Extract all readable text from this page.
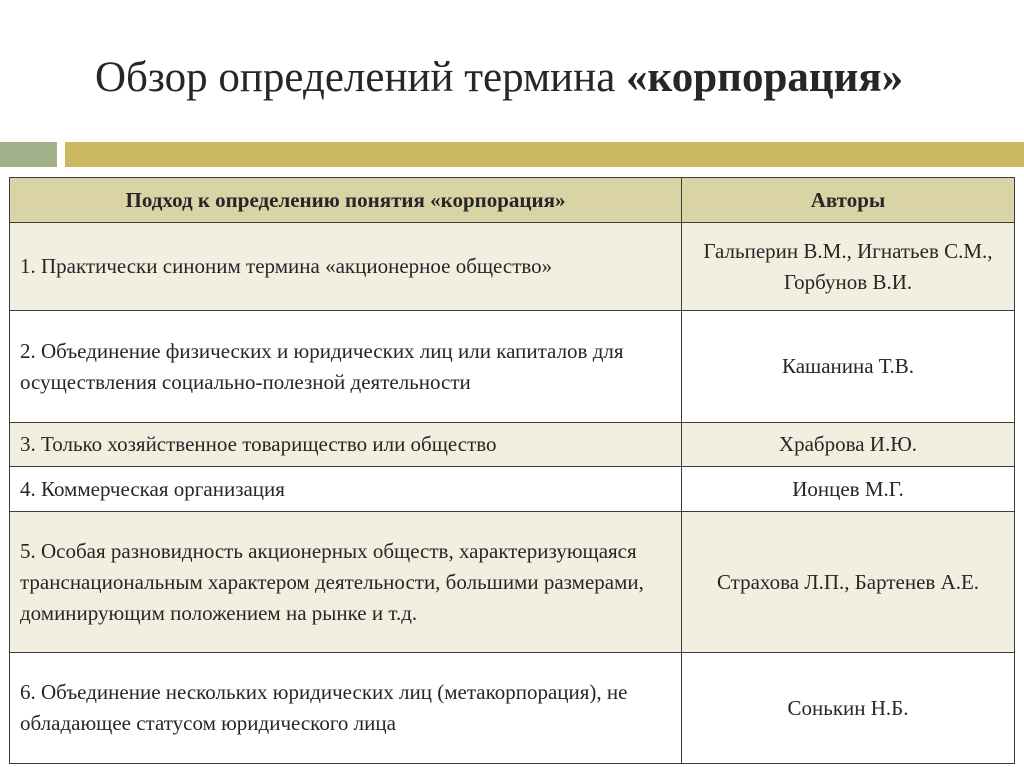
Обзор определений термина «корпорация»
Подход к определению понятия «корпорация»	Авторы
1. Практически синоним термина «акционерное общество»	Гальперин В.М., Игнатьев С.М., Горбунов В.И.
2. Объединение физических и юридических лиц или капиталов для осуществления социально-полезной деятельности	Кашанина Т.В.
3. Только хозяйственное товарищество или общество	Храброва И.Ю.
4. Коммерческая организация	Ионцев М.Г.
5. Особая разновидность акционерных обществ, характеризующаяся транснациональным характером деятельности, большими размерами, доминирующим положением на рынке и т.д.	Страхова Л.П., Бартенев А.Е.
6. Объединение нескольких юридических лиц (метакорпорация), не обладающее статусом юридического лица	Сонькин Н.Б.
